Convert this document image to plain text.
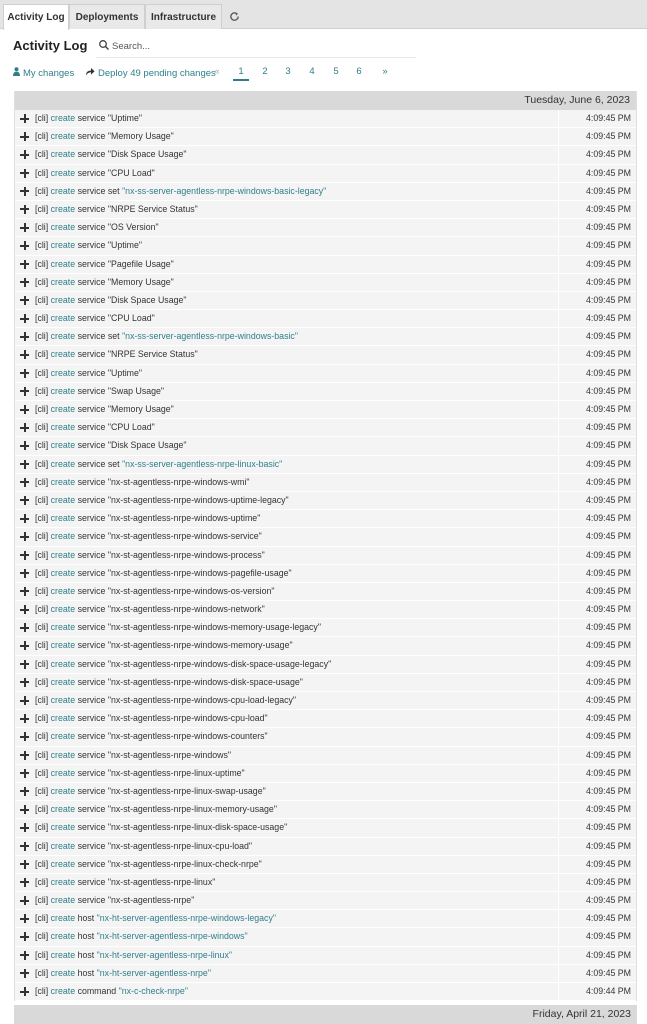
Activity Log	Deployments	Infrastructure
Activity Log
Search...
My changes	Deploy 49 pending changes
«	1	2	3	4	5	6	»
Tuesday, June 6, 2023
[cli] create service "Uptime"	4:09:45 PM
[cli] create service "Memory Usage"	4:09:45 PM
[cli] create service "Disk Space Usage"	4:09:45 PM
[cli] create service "CPU Load"	4:09:45 PM
[cli] create service set "nx-ss-server-agentless-nrpe-windows-basic-legacy"	4:09:45 PM
[cli] create service "NRPE Service Status"	4:09:45 PM
[cli] create service "OS Version"	4:09:45 PM
[cli] create service "Uptime"	4:09:45 PM
[cli] create service "Pagefile Usage"	4:09:45 PM
[cli] create service "Memory Usage"	4:09:45 PM
[cli] create service "Disk Space Usage"	4:09:45 PM
[cli] create service "CPU Load"	4:09:45 PM
[cli] create service set "nx-ss-server-agentless-nrpe-windows-basic"	4:09:45 PM
[cli] create service "NRPE Service Status"	4:09:45 PM
[cli] create service "Uptime"	4:09:45 PM
[cli] create service "Swap Usage"	4:09:45 PM
[cli] create service "Memory Usage"	4:09:45 PM
[cli] create service "CPU Load"	4:09:45 PM
[cli] create service "Disk Space Usage"	4:09:45 PM
[cli] create service set "nx-ss-server-agentless-nrpe-linux-basic"	4:09:45 PM
[cli] create service "nx-st-agentless-nrpe-windows-wmi"	4:09:45 PM
[cli] create service "nx-st-agentless-nrpe-windows-uptime-legacy"	4:09:45 PM
[cli] create service "nx-st-agentless-nrpe-windows-uptime"	4:09:45 PM
[cli] create service "nx-st-agentless-nrpe-windows-service"	4:09:45 PM
[cli] create service "nx-st-agentless-nrpe-windows-process"	4:09:45 PM
[cli] create service "nx-st-agentless-nrpe-windows-pagefile-usage"	4:09:45 PM
[cli] create service "nx-st-agentless-nrpe-windows-os-version"	4:09:45 PM
[cli] create service "nx-st-agentless-nrpe-windows-network"	4:09:45 PM
[cli] create service "nx-st-agentless-nrpe-windows-memory-usage-legacy"	4:09:45 PM
[cli] create service "nx-st-agentless-nrpe-windows-memory-usage"	4:09:45 PM
[cli] create service "nx-st-agentless-nrpe-windows-disk-space-usage-legacy"	4:09:45 PM
[cli] create service "nx-st-agentless-nrpe-windows-disk-space-usage"	4:09:45 PM
[cli] create service "nx-st-agentless-nrpe-windows-cpu-load-legacy"	4:09:45 PM
[cli] create service "nx-st-agentless-nrpe-windows-cpu-load"	4:09:45 PM
[cli] create service "nx-st-agentless-nrpe-windows-counters"	4:09:45 PM
[cli] create service "nx-st-agentless-nrpe-windows"	4:09:45 PM
[cli] create service "nx-st-agentless-nrpe-linux-uptime"	4:09:45 PM
[cli] create service "nx-st-agentless-nrpe-linux-swap-usage"	4:09:45 PM
[cli] create service "nx-st-agentless-nrpe-linux-memory-usage"	4:09:45 PM
[cli] create service "nx-st-agentless-nrpe-linux-disk-space-usage"	4:09:45 PM
[cli] create service "nx-st-agentless-nrpe-linux-cpu-load"	4:09:45 PM
[cli] create service "nx-st-agentless-nrpe-linux-check-nrpe"	4:09:45 PM
[cli] create service "nx-st-agentless-nrpe-linux"	4:09:45 PM
[cli] create service "nx-st-agentless-nrpe"	4:09:45 PM
[cli] create host "nx-ht-server-agentless-nrpe-windows-legacy"	4:09:45 PM
[cli] create host "nx-ht-server-agentless-nrpe-windows"	4:09:45 PM
[cli] create host "nx-ht-server-agentless-nrpe-linux"	4:09:45 PM
[cli] create host "nx-ht-server-agentless-nrpe"	4:09:45 PM
[cli] create command "nx-c-check-nrpe"	4:09:44 PM
Friday, April 21, 2023
